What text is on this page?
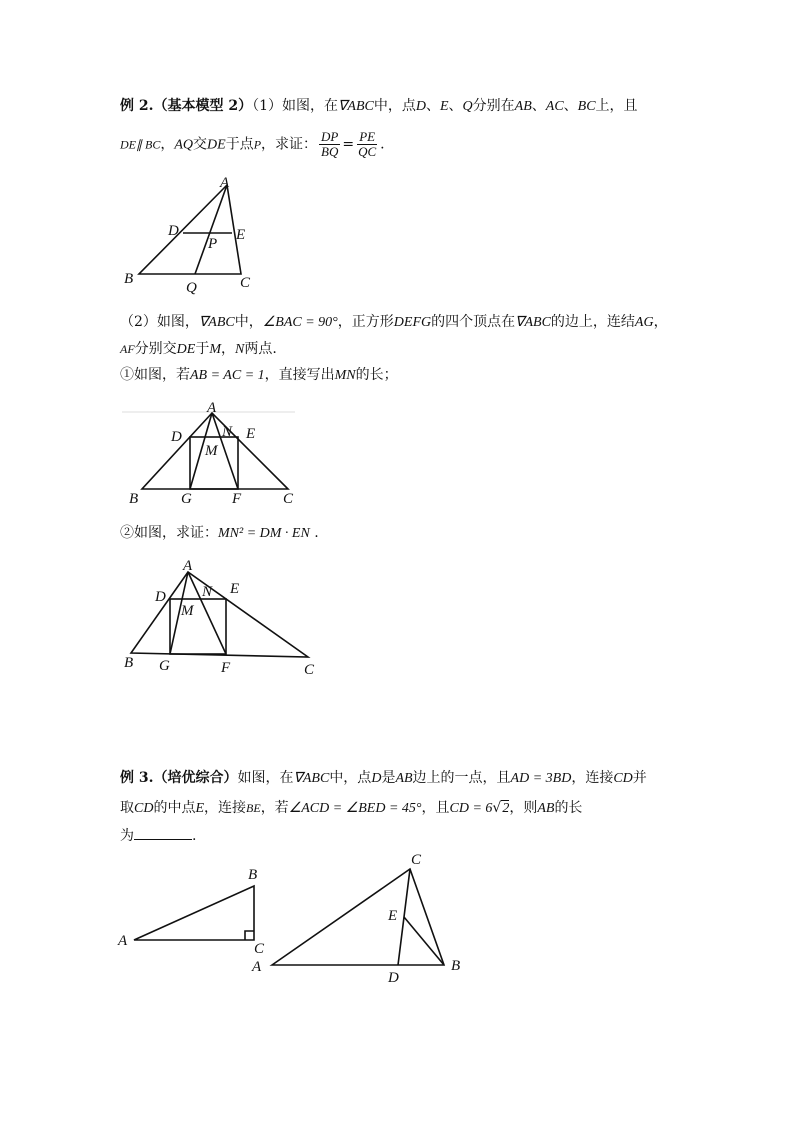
例 2.（基本模型 2）（1）如图，在∇ABC中，点D、E、Q分别在AB、AC、BC上，且
DE∥ BC，AQ交DE于点P，求证： $\frac{DP}{BQ} = \frac{PE}{QC}$ .
A
B	C
D	E
P
Q
（2）如图，∇ABC中，∠BAC = 90°，正方形DEFG的四个顶点在∇ABC的边上，连结AG，
AF分别交DE于M，N两点.
①如图，若AB = AC = 1，直接写出MN的长；
A
B	C
D	E
F
G
M
N
②如图，求证：MN² = DM · EN .
A
B	C
D	E
F
G
M
N
例 3.（培优综合）如图，在∇ABC中，点D是AB边上的一点，且AD = 3BD，连接CD并
取CD的中点E，连接BE，若∠ACD = ∠BED = 45°，且CD = 6√2，则AB的长
为	.
A
B
C
A	B
C
D
E
